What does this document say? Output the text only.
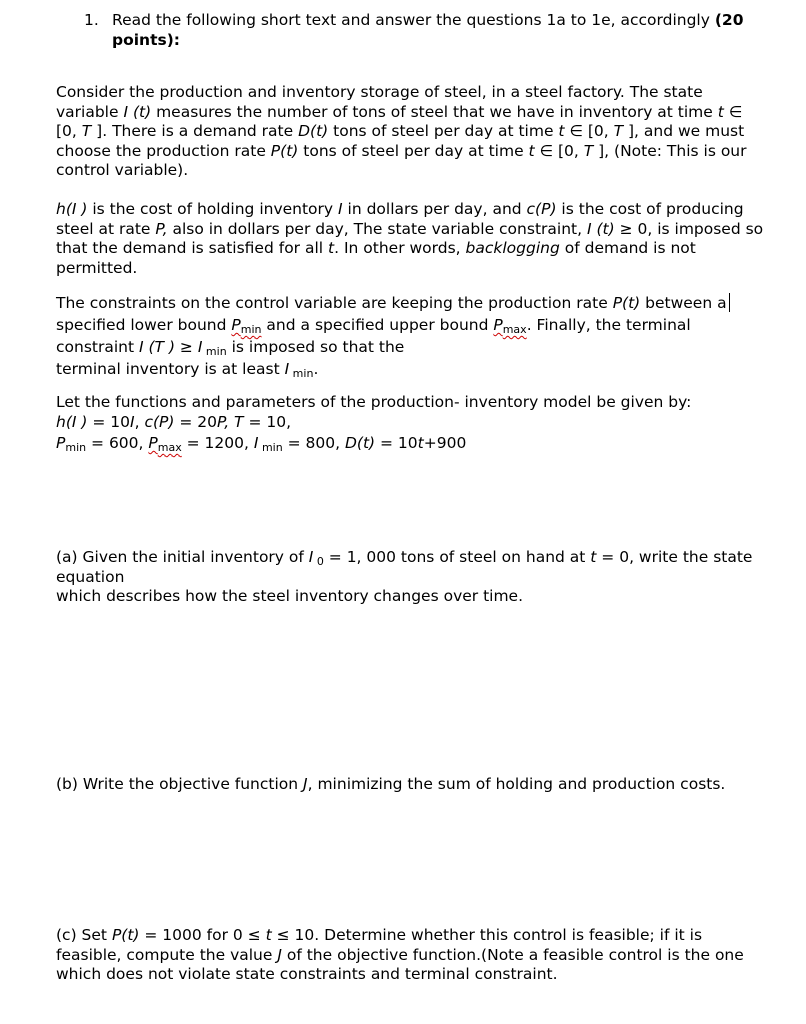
1. Read the following short text and answer the questions 1a to 1e, accordingly (20
points):
Consider the production and inventory storage of steel, in a steel factory. The state
variable I (t) measures the number of tons of steel that we have in inventory at time t ∈
[0, T ]. There is a demand rate D(t) tons of steel per day at time t ∈ [0, T ], and we must
choose the production rate P(t) tons of steel per day at time t ∈ [0, T ], (Note: This is our
control variable).
h(I ) is the cost of holding inventory I in dollars per day, and c(P) is the cost of producing
steel at rate P, also in dollars per day, The state variable constraint, I (t) ≥ 0, is imposed so
that the demand is satisfied for all t. In other words, backlogging of demand is not
permitted.
The constraints on the control variable are keeping the production rate P(t) between a
specified lower bound $P_{min}$ and a specified upper bound $P_{max}$. Finally, the terminal
constraint I (T ) ≥ I $_{min}$ is imposed so that the
terminal inventory is at least I $_{min}$.
Let the functions and parameters of the production- inventory model be given by:
h(I ) = 10I, c(P) = 20P, T = 10,
$P_{min} = 600$, $P_{max} = 1200$, I $_{min}$ = 800, D(t) = 10t+900
(a) Given the initial inventory of I $_0$ = 1, 000 tons of steel on hand at t = 0, write the state
equation
which describes how the steel inventory changes over time.
(b) Write the objective function J, minimizing the sum of holding and production costs.
(c) Set P(t) = 1000 for 0 ≤ t ≤ 10. Determine whether this control is feasible; if it is
feasible, compute the value J of the objective function.(Note a feasible control is the one
which does not violate state constraints and terminal constraint.
